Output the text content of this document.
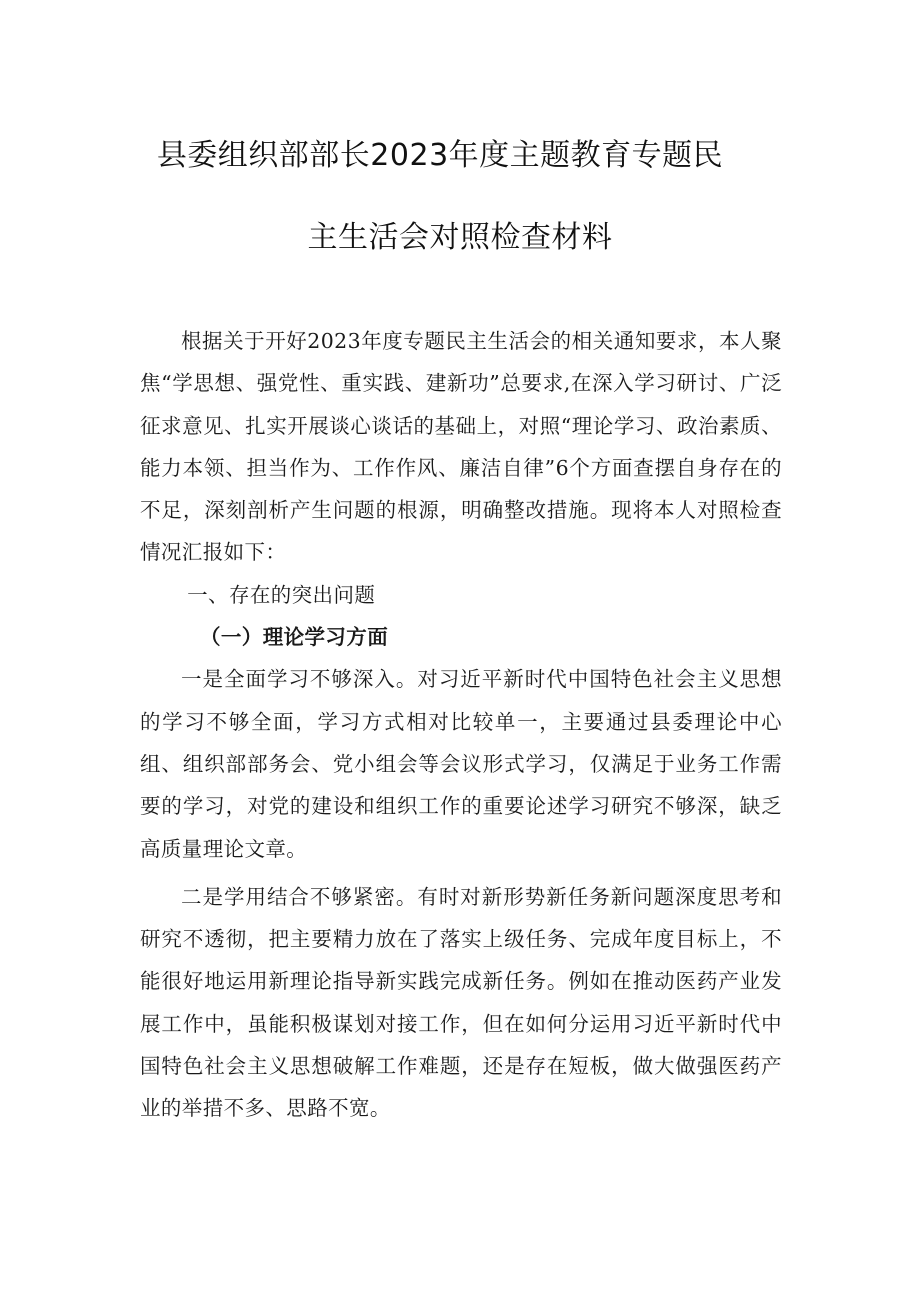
县委组织部部长2023年度主题教育专题民
主生活会对照检查材料

根据关于开好2023年度专题民主生活会的相关通知要求，本人聚焦“学思想、强党性、重实践、建新功”总要求,在深入学习研讨、广泛征求意见、扎实开展谈心谈话的基础上，对照“理论学习、政治素质、能力本领、担当作为、工作作风、廉洁自律”6个方面查摆自身存在的不足，深刻剖析产生问题的根源，明确整改措施。现将本人对照检查情况汇报如下：

一、存在的突出问题

（一）理论学习方面

一是全面学习不够深入。对习近平新时代中国特色社会主义思想的学习不够全面，学习方式相对比较单一，主要通过县委理论中心组、组织部部务会、党小组会等会议形式学习，仅满足于业务工作需要的学习，对党的建设和组织工作的重要论述学习研究不够深，缺乏高质量理论文章。

二是学用结合不够紧密。有时对新形势新任务新问题深度思考和研究不透彻，把主要精力放在了落实上级任务、完成年度目标上，不能很好地运用新理论指导新实践完成新任务。例如在推动医药产业发展工作中，虽能积极谋划对接工作，但在如何分运用习近平新时代中国特色社会主义思想破解工作难题，还是存在短板，做大做强医药产业的举措不多、思路不宽。
